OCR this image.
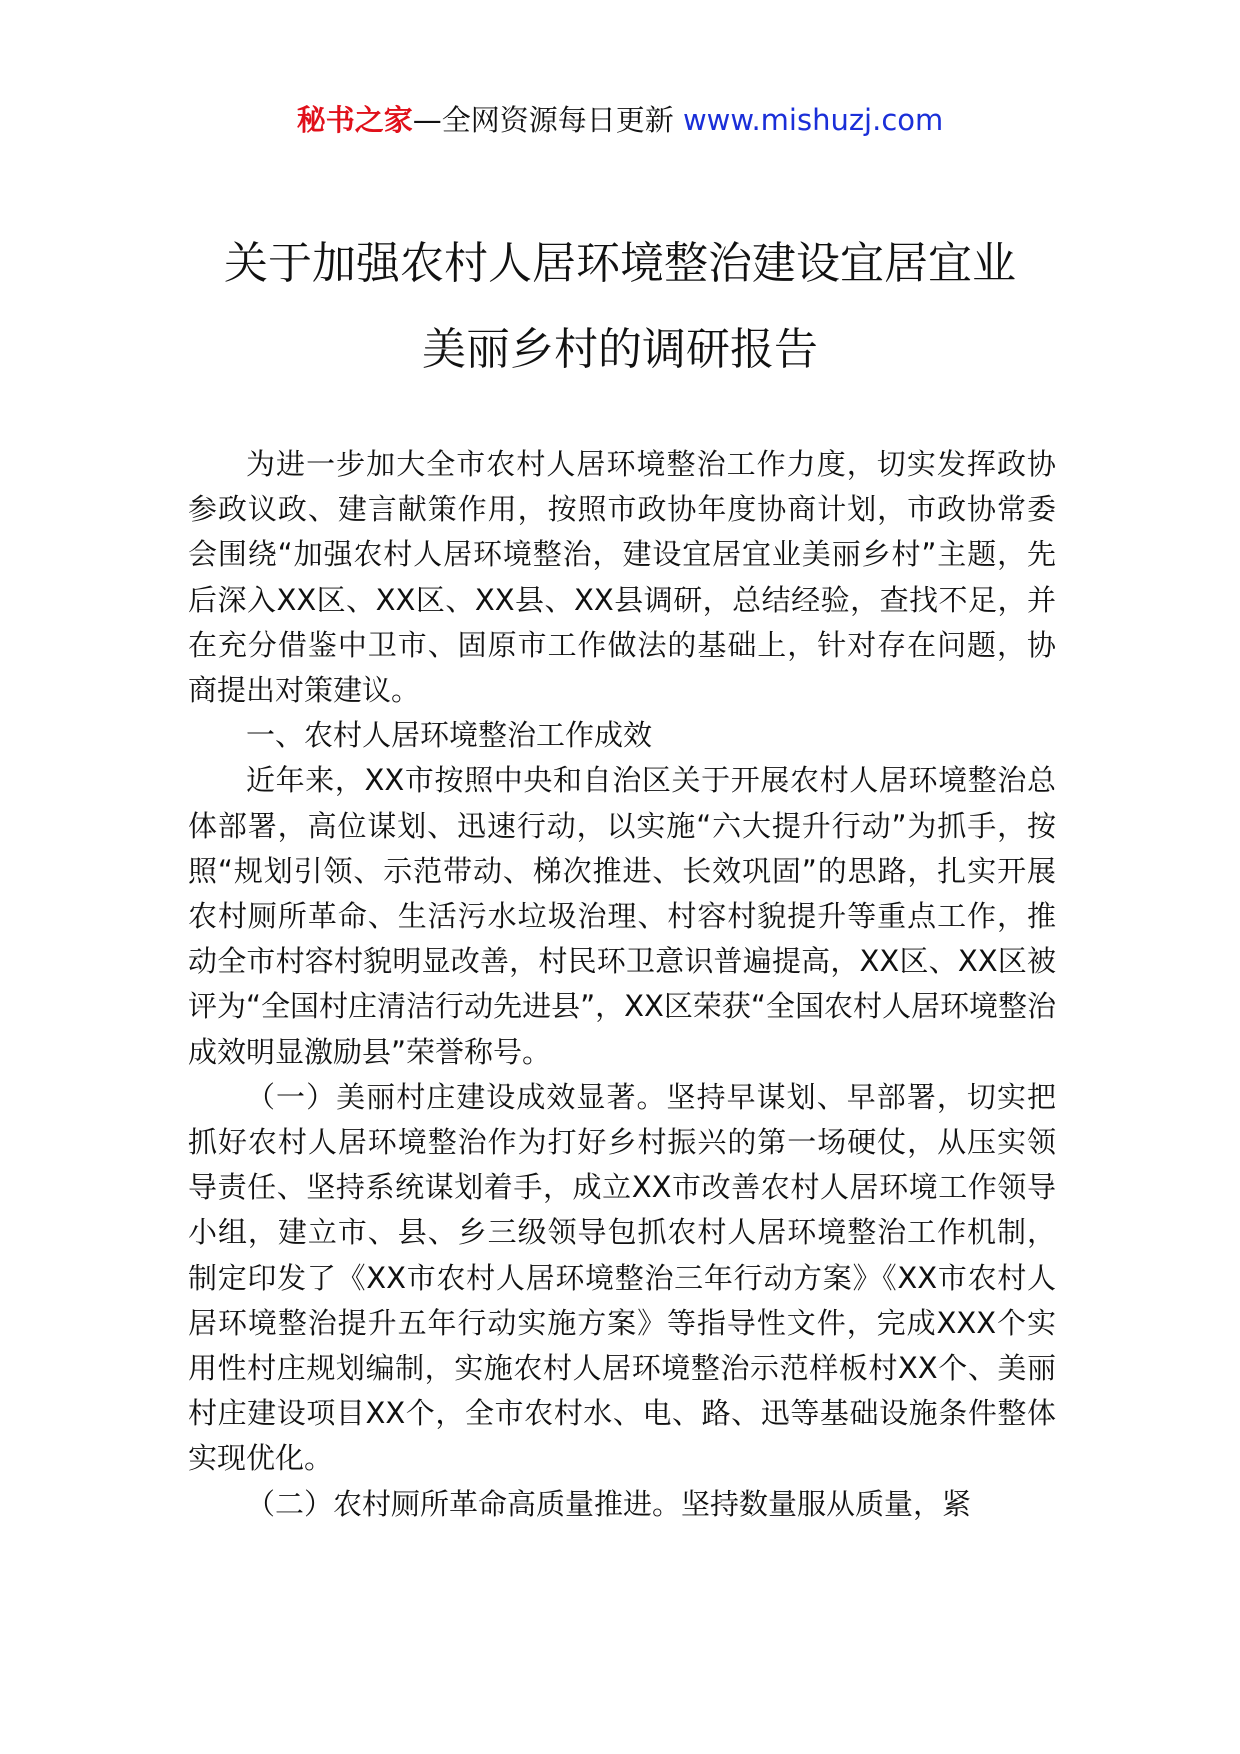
秘书之家—全网资源每日更新 www.mishuzj.com
关于加强农村人居环境整治建设宜居宜业
美丽乡村的调研报告

为进一步加大全市农村人居环境整治工作力度，切实发挥政协参政议政、建言献策作用，按照市政协年度协商计划，市政协常委会围绕“加强农村人居环境整治，建设宜居宜业美丽乡村”主题，先后深入XX区、XX区、XX县、XX县调研，总结经验，查找不足，并在充分借鉴中卫市、固原市工作做法的基础上，针对存在问题，协商提出对策建议。

一、农村人居环境整治工作成效

近年来，XX市按照中央和自治区关于开展农村人居环境整治总体部署，高位谋划、迅速行动，以实施“六大提升行动”为抓手，按照“规划引领、示范带动、梯次推进、长效巩固”的思路，扎实开展农村厕所革命、生活污水垃圾治理、村容村貌提升等重点工作，推动全市村容村貌明显改善，村民环卫意识普遍提高，XX区、XX区被评为“全国村庄清洁行动先进县”，XX区荣获“全国农村人居环境整治成效明显激励县”荣誉称号。

（一）美丽村庄建设成效显著。坚持早谋划、早部署，切实把抓好农村人居环境整治作为打好乡村振兴的第一场硬仗，从压实领导责任、坚持系统谋划着手，成立XX市改善农村人居环境工作领导小组，建立市、县、乡三级领导包抓农村人居环境整治工作机制，制定印发了《XX市农村人居环境整治三年行动方案》《XX市农村人居环境整治提升五年行动实施方案》等指导性文件，完成XXX个实用性村庄规划编制，实施农村人居环境整治示范样板村XX个、美丽村庄建设项目XX个，全市农村水、电、路、迅等基础设施条件整体实现优化。

（二）农村厕所革命高质量推进。坚持数量服从质量，紧
